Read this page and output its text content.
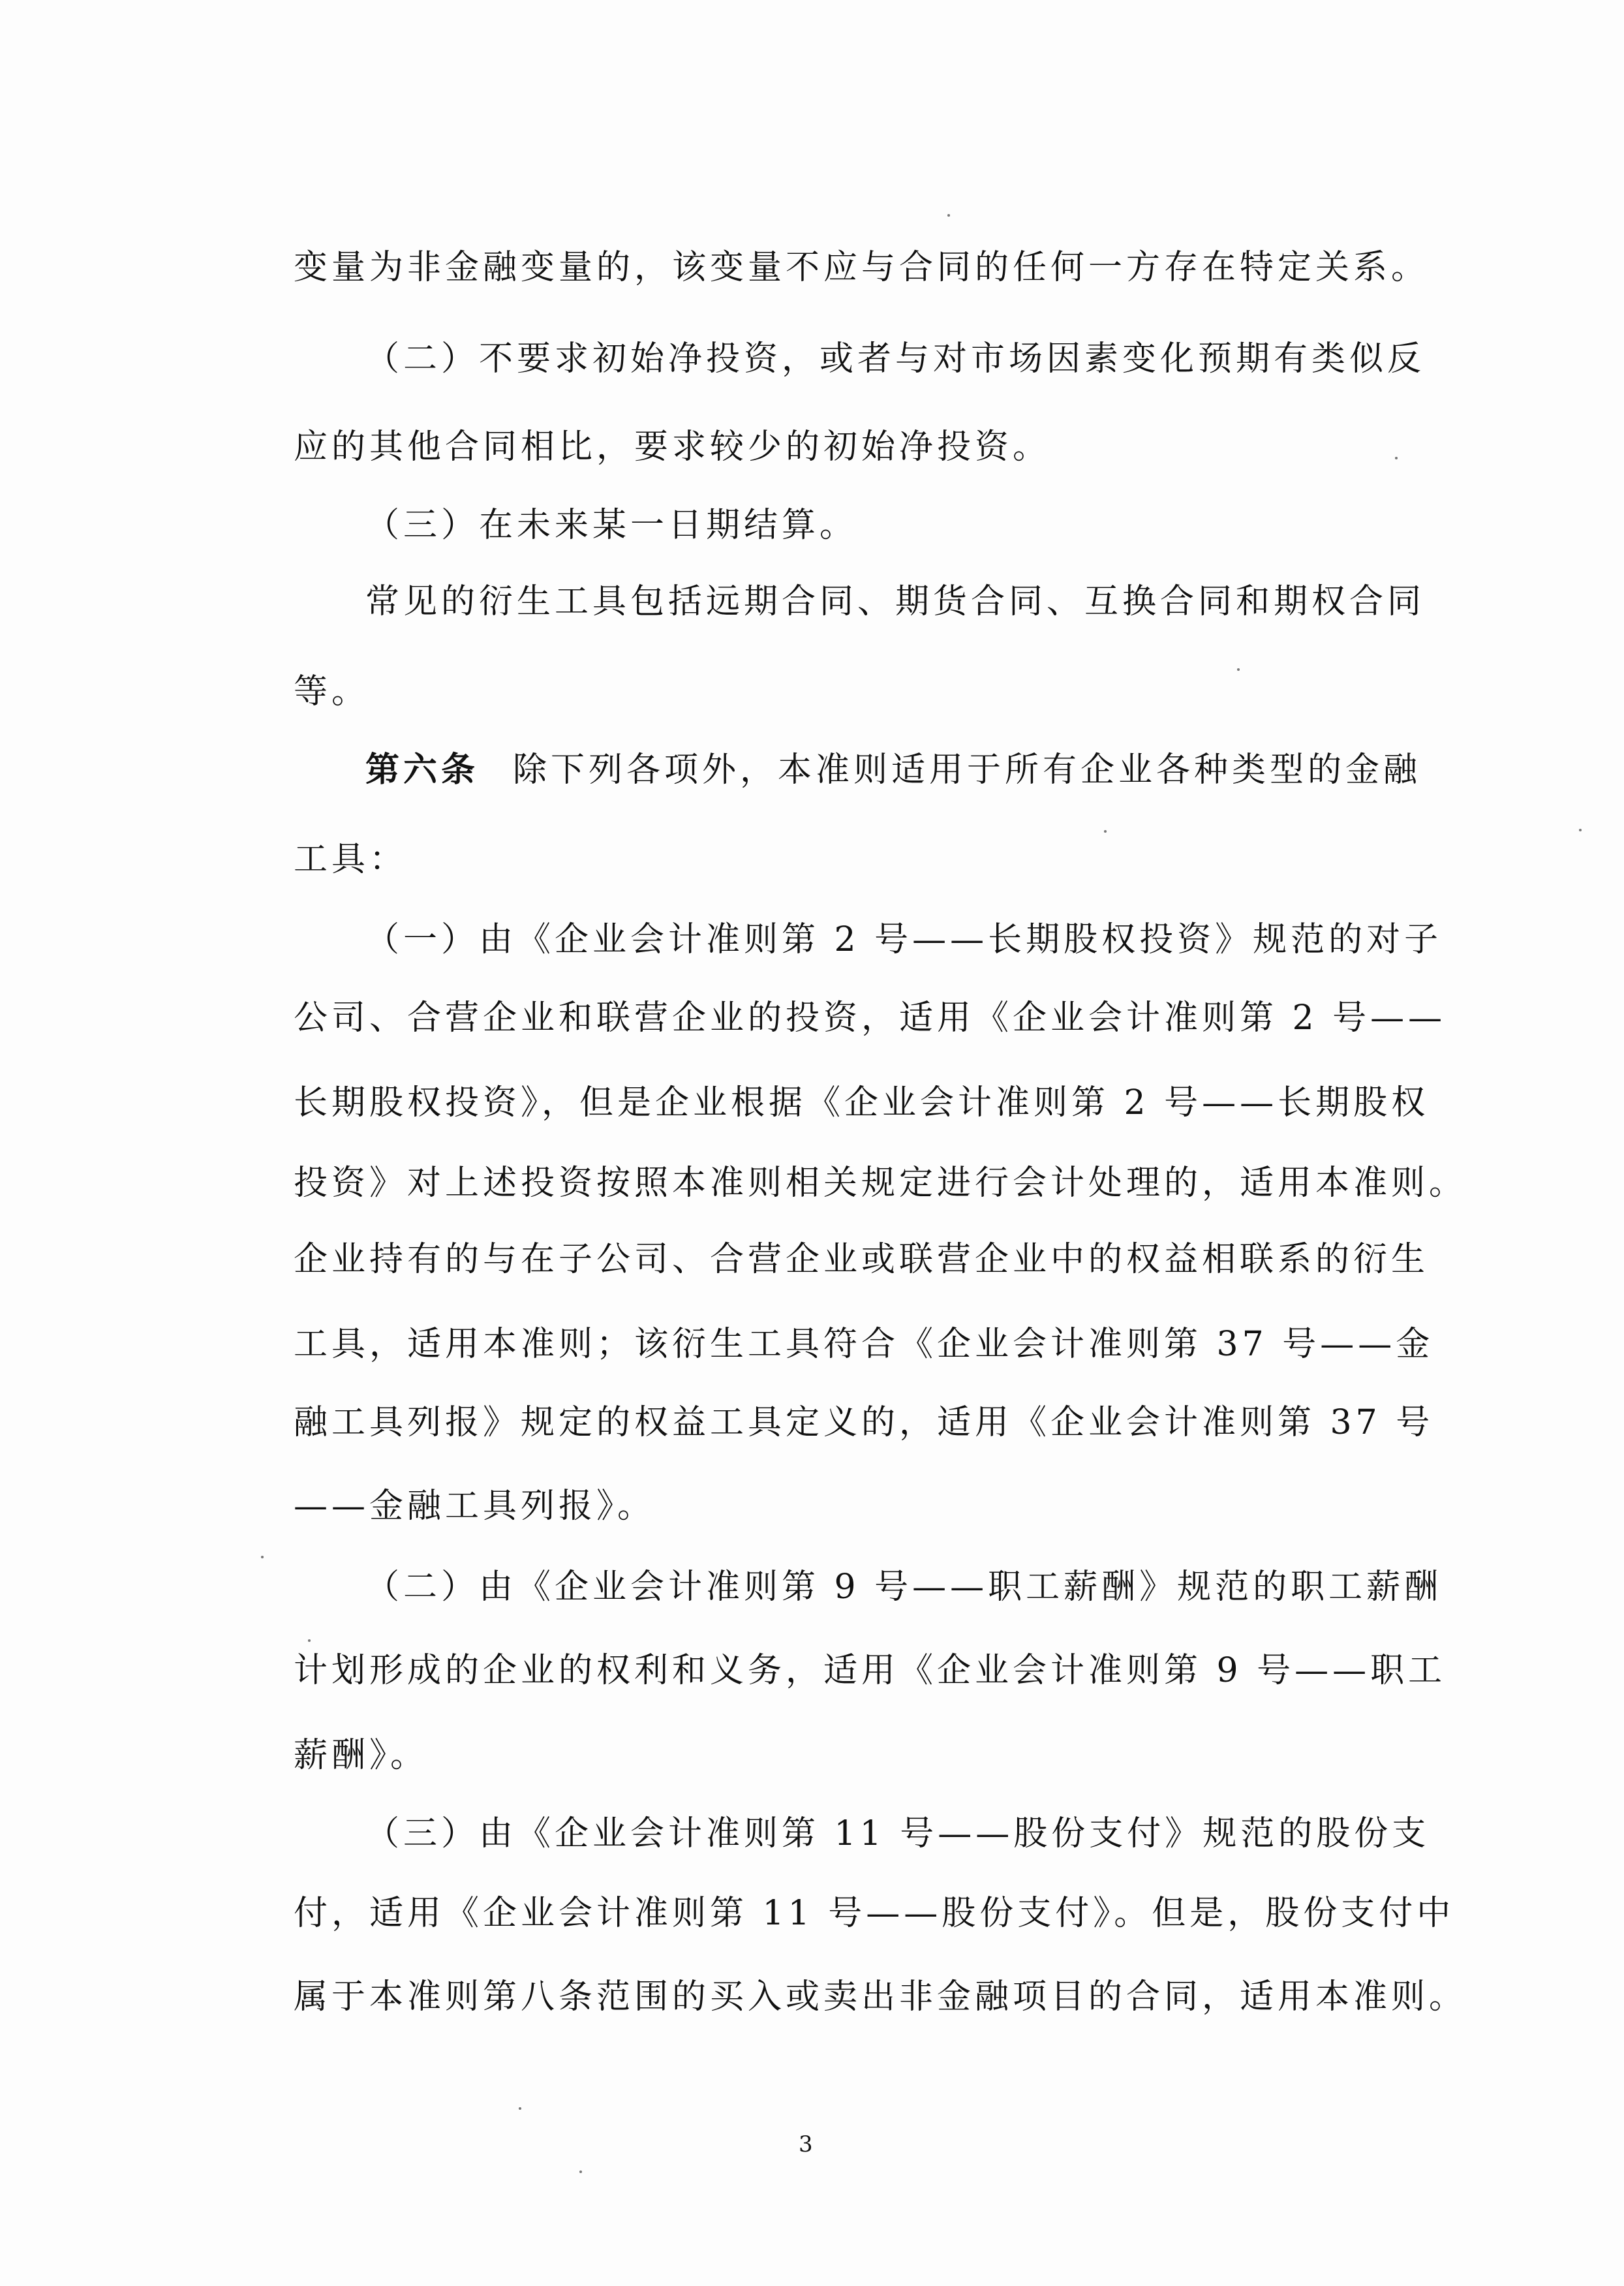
变量为非金融变量的，该变量不应与合同的任何一方存在特定关系。
（二）不要求初始净投资，或者与对市场因素变化预期有类似反
应的其他合同相比，要求较少的初始净投资。
（三）在未来某一日期结算。
常见的衍生工具包括远期合同、期货合同、互换合同和期权合同
等。
第六条 除下列各项外，本准则适用于所有企业各种类型的金融
工具：
（一）由《企业会计准则第 2 号——长期股权投资》规范的对子
公司、合营企业和联营企业的投资，适用《企业会计准则第 2 号——
长期股权投资》，但是企业根据《企业会计准则第 2 号——长期股权
投资》对上述投资按照本准则相关规定进行会计处理的，适用本准则。
企业持有的与在子公司、合营企业或联营企业中的权益相联系的衍生
工具，适用本准则；该衍生工具符合《企业会计准则第 37 号——金
融工具列报》规定的权益工具定义的，适用《企业会计准则第 37 号
——金融工具列报》。
（二）由《企业会计准则第 9 号——职工薪酬》规范的职工薪酬
计划形成的企业的权利和义务，适用《企业会计准则第 9 号——职工
薪酬》。
（三）由《企业会计准则第 11 号——股份支付》规范的股份支
付，适用《企业会计准则第 11 号——股份支付》。但是，股份支付中
属于本准则第八条范围的买入或卖出非金融项目的合同，适用本准则。
3
